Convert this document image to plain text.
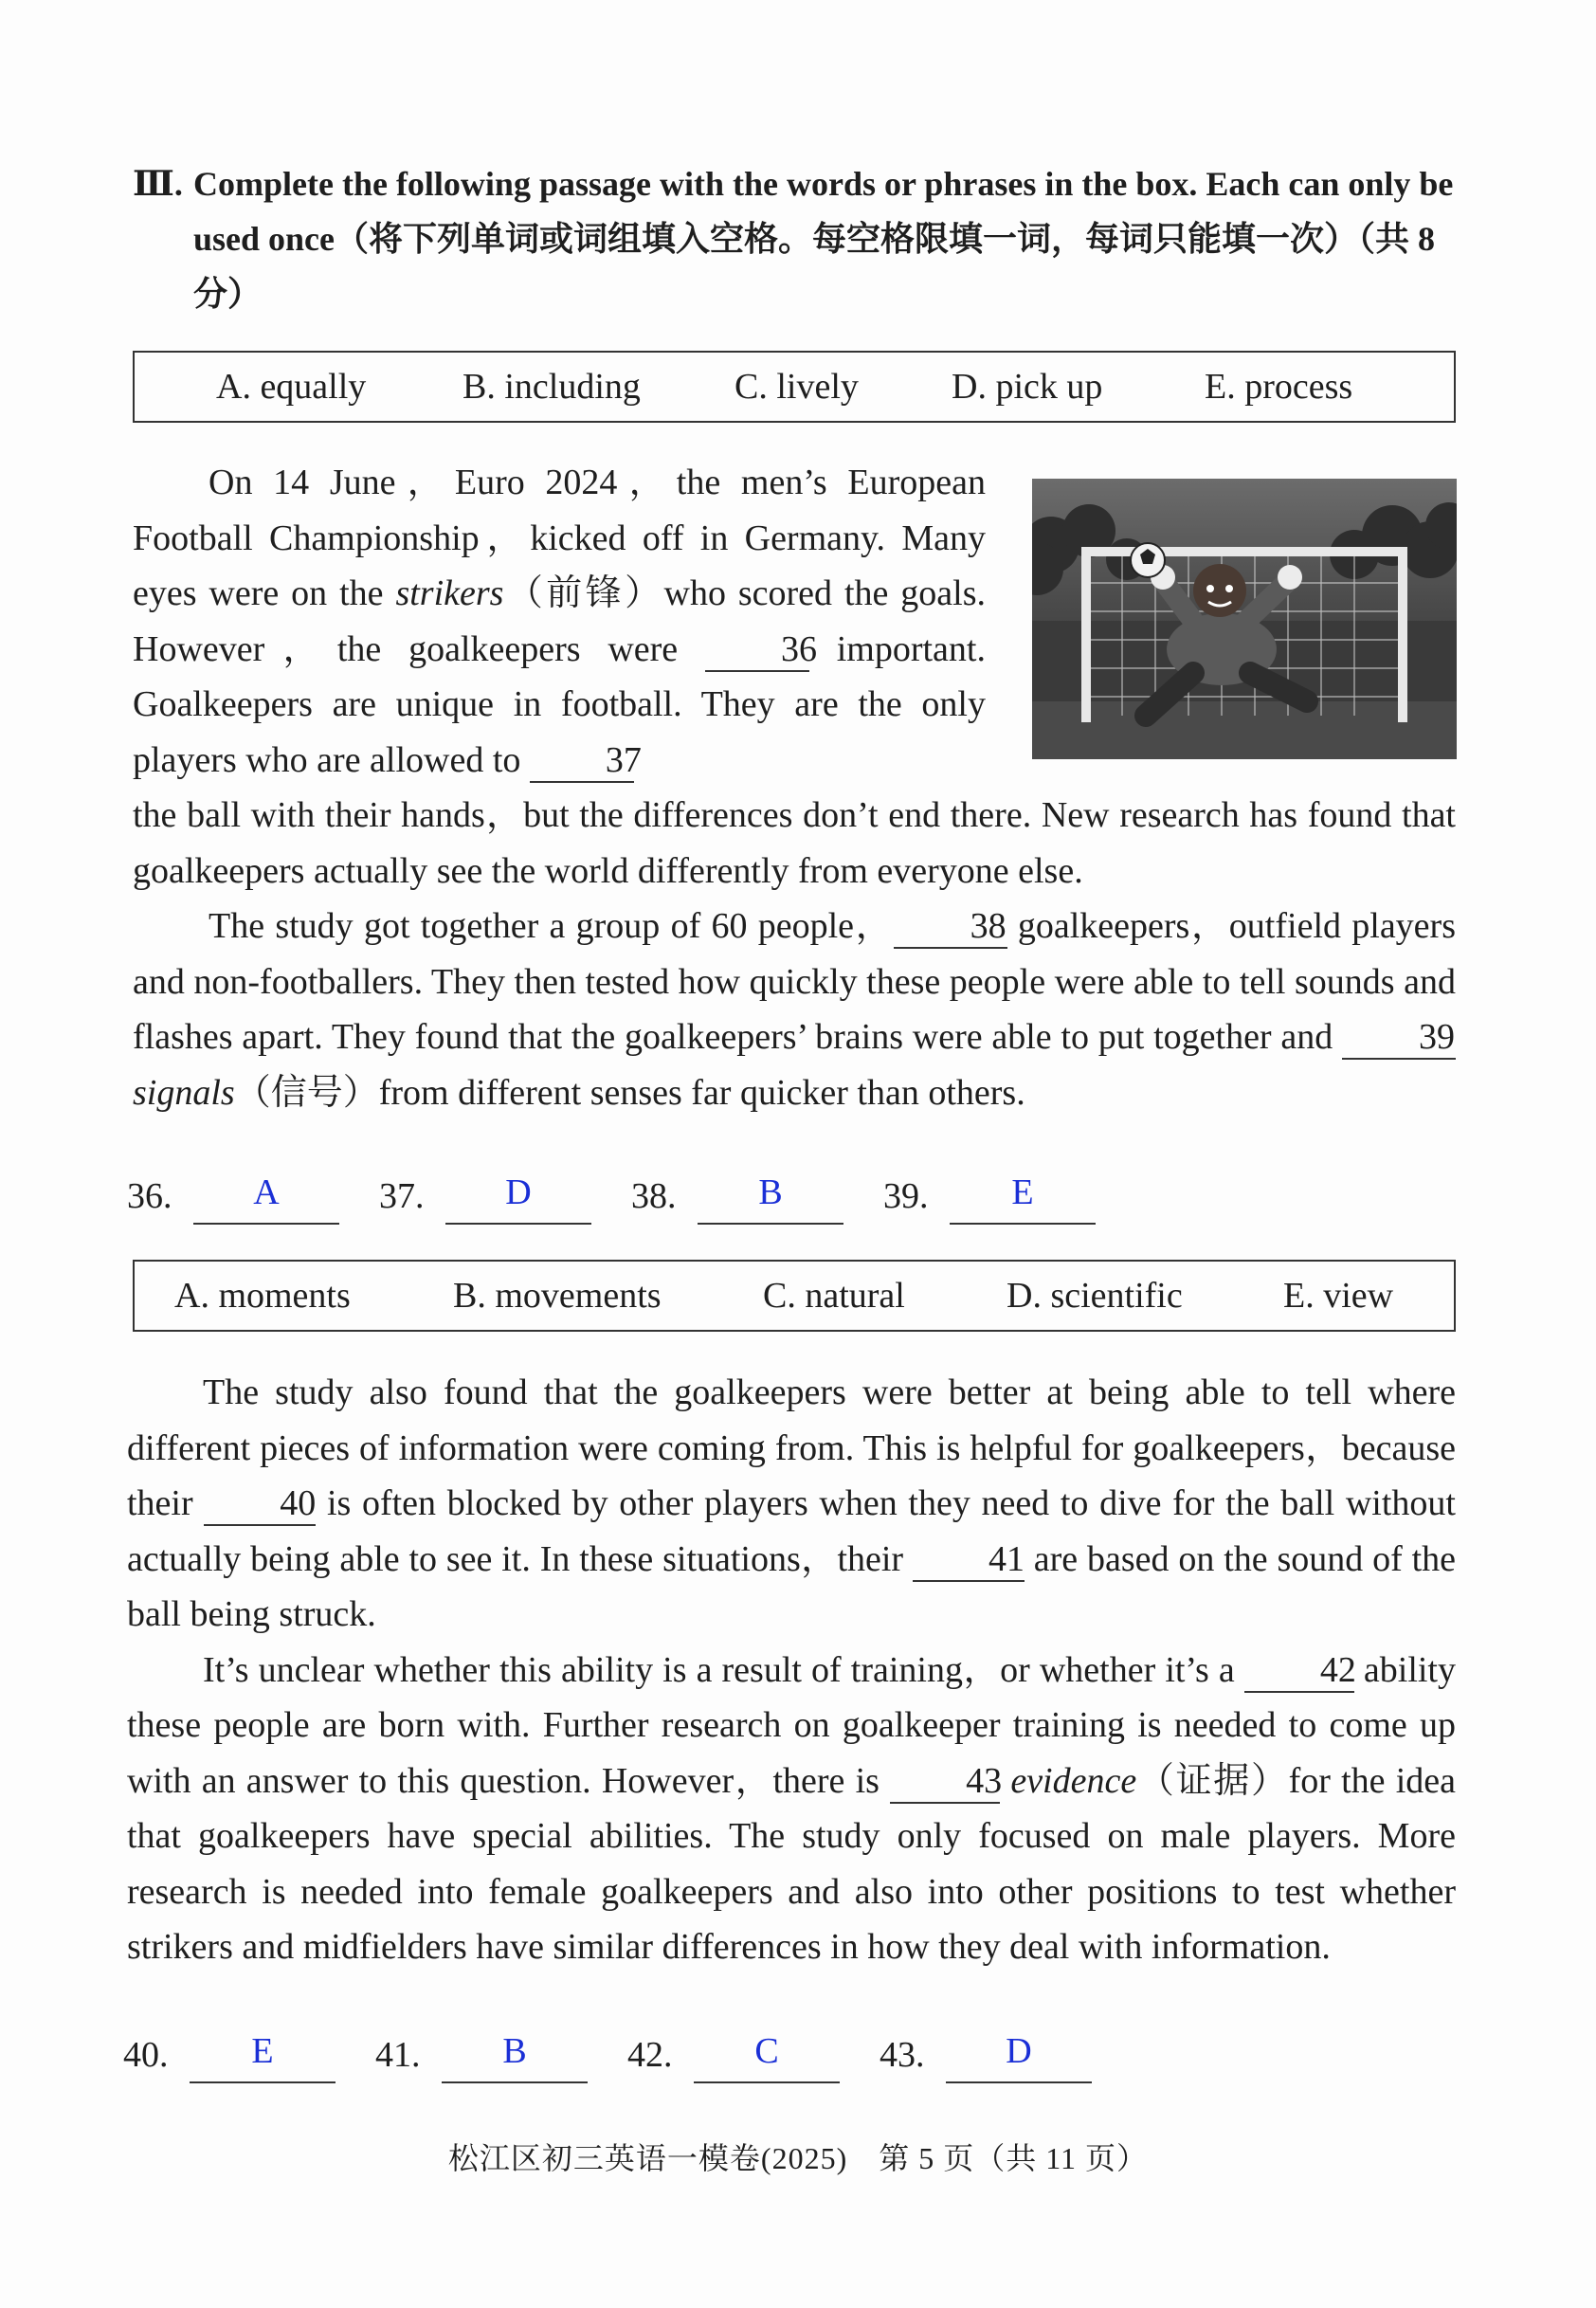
Ⅲ. Complete the following passage with the words or phrases in the box. Each can only be used once（将下列单词或词组填入空格。每空格限填一词，每词只能填一次）（共 8 分）
A. equally	B. including	C. lively	D. pick up	E. process

On 14 June，Euro 2024，the men’s European Football Championship，kicked off in Germany. Many eyes were on the strikers（前锋）who scored the goals. However，the goalkeepers were 36 important. Goalkeepers are unique in football. They are the only players who are allowed to 37

the ball with their hands，but the differences don’t end there. New research has found that goalkeepers actually see the world differently from everyone else.

The study got together a group of 60 people， 38 goalkeepers，outfield players and non-footballers. They then tested how quickly these people were able to tell sounds and flashes apart. They found that the goalkeepers’ brains were able to put together and 39 signals（信号）from different senses far quicker than others.

36.	A	37.	D	38.	B	39.	E
A. moments	B. movements	C. natural	D. scientific	E. view

The study also found that the goalkeepers were better at being able to tell where different pieces of information were coming from. This is helpful for goalkeepers，because their 40 is often blocked by other players when they need to dive for the ball without actually being able to see it. In these situations，their 41 are based on the sound of the ball being struck.

It’s unclear whether this ability is a result of training，or whether it’s a 42 ability these people are born with. Further research on goalkeeper training is needed to come up with an answer to this question. However，there is 43 evidence（证据）for the idea that goalkeepers have special abilities. The study only focused on male players. More research is needed into female goalkeepers and also into other positions to test whether strikers and midfielders have similar differences in how they deal with information.

40.	E	41.	B	42.	C	43.	D
松江区初三英语一模卷(2025)　第 5 页（共 11 页）
